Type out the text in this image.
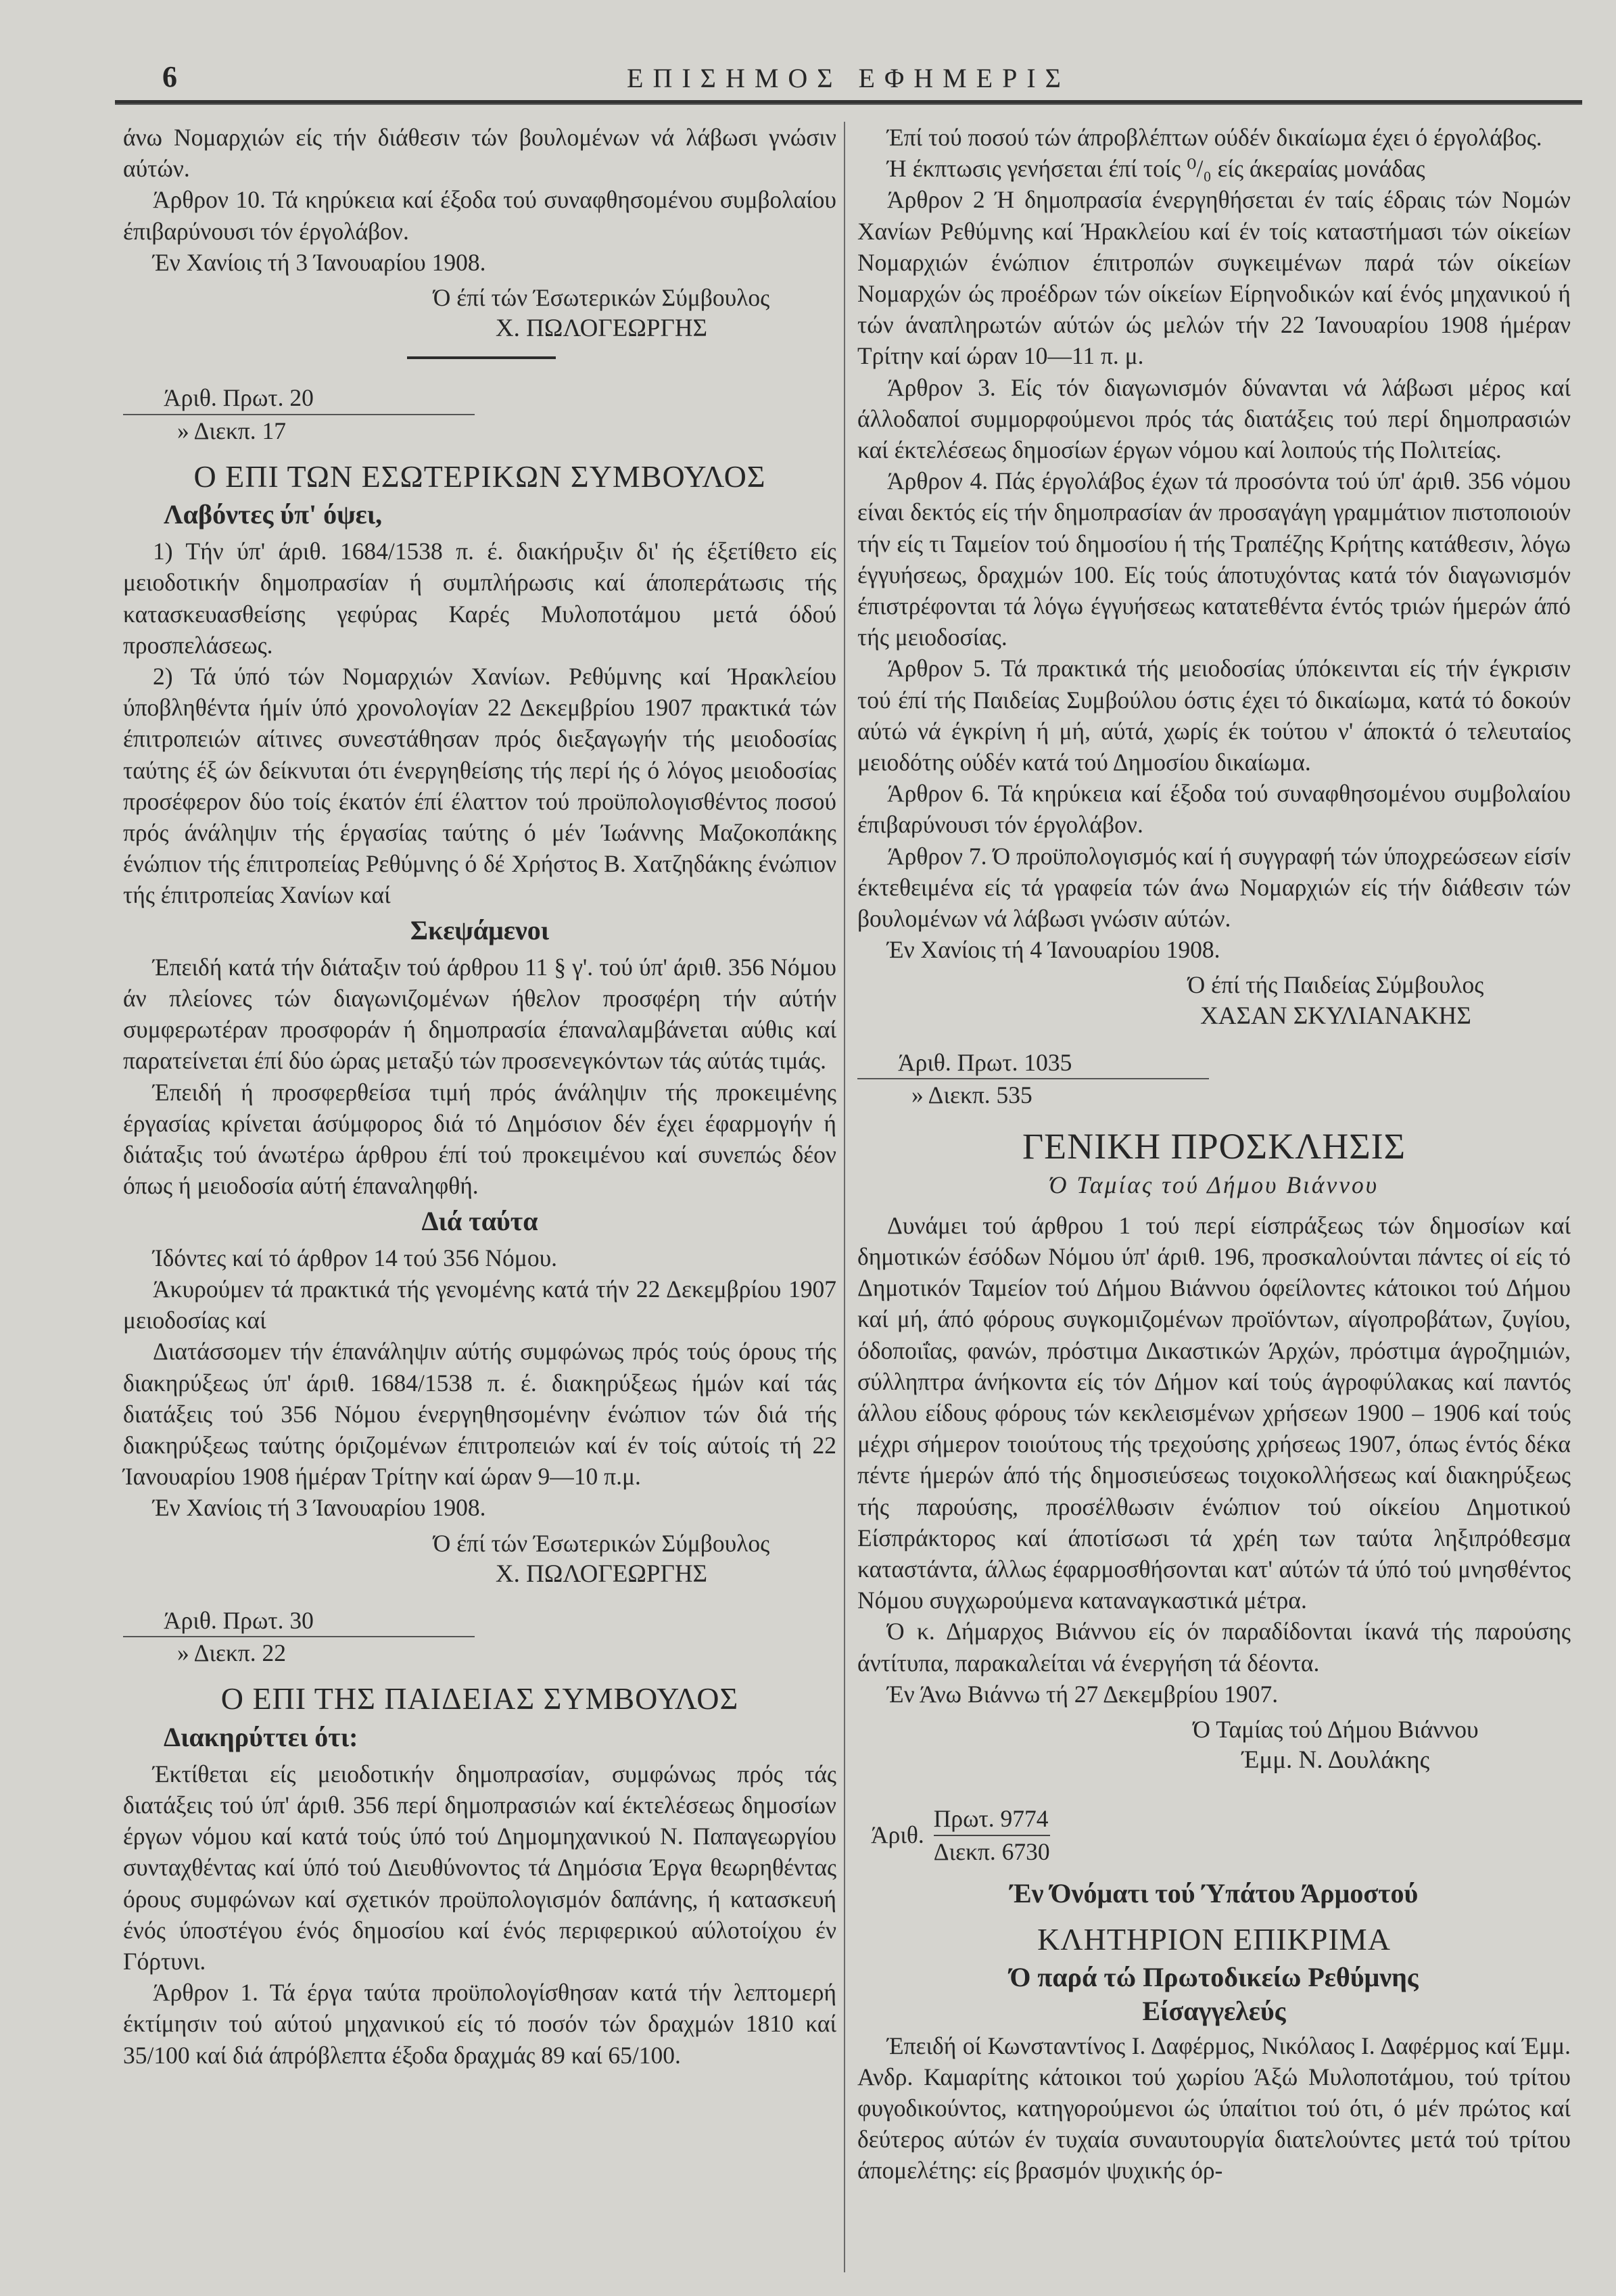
6	ΕΠΙΣΗΜΟΣ ΕΦΗΜΕΡΙΣ

άνω Νομαρχιών είς τήν διάθεσιν τών βουλομένων νά λάβωσι γνώσιν αύτών.

Άρθρον 10. Τά κηρύκεια καί έξοδα τού συναφθησομένου συμβολαίου έπιβαρύνουσι τόν έργολάβον.

Έν Χανίοις τή 3 Ίανουαρίου 1908.

Ό έπί τών Έσωτερικών Σύμβουλος
Χ. ΠΩΛΟΓΕΩΡΓΗΣ
Άριθ. Πρωτ. 20
» Διεκπ. 17
Ο ΕΠΙ ΤΩΝ ΕΣΩΤΕΡΙΚΩΝ ΣΥΜΒΟΥΛΟΣ
Λαβόντες ύπ' όψει,

1) Τήν ύπ' άριθ. 1684/1538 π. έ. διακήρυξιν δι' ής έξετίθετο είς μειοδοτικήν δημοπρασίαν ή συμπλήρωσις καί άποπεράτωσις τής κατασκευασθείσης γεφύρας Καρές Μυλοποτάμου μετά όδού προσπελάσεως.

2) Τά ύπό τών Νομαρχιών Χανίων. Ρεθύμνης καί Ήρακλείου ύποβληθέντα ήμίν ύπό χρονολογίαν 22 Δεκεμβρίου 1907 πρακτικά τών έπιτροπειών αίτινες συνεστάθησαν πρός διεξαγωγήν τής μειοδοσίας ταύτης έξ ών δείκνυται ότι ένεργηθείσης τής περί ής ό λόγος μειοδοσίας προσέφερον δύο τοίς έκατόν έπί έλαττον τού προϋπολογισθέντος ποσού πρός άνάληψιν τής έργασίας ταύτης ό μέν Ίωάννης Μαζοκοπάκης ένώπιον τής έπιτροπείας Ρεθύμνης ό δέ Χρήστος Β. Χατζηδάκης ένώπιον τής έπιτροπείας Χανίων καί

Σκεψάμενοι

Έπειδή κατά τήν διάταξιν τού άρθρου 11 § γ'. τού ύπ' άριθ. 356 Νόμου άν πλείονες τών διαγωνιζομένων ήθελον προσφέρη τήν αύτήν συμφερωτέραν προσφοράν ή δημοπρασία έπαναλαμβάνεται αύθις καί παρατείνεται έπί δύο ώρας μεταξύ τών προσενεγκόντων τάς αύτάς τιμάς.

Έπειδή ή προσφερθείσα τιμή πρός άνάληψιν τής προκειμένης έργασίας κρίνεται άσύμφορος διά τό Δημόσιον δέν έχει έφαρμογήν ή διάταξις τού άνωτέρω άρθρου έπί τού προκειμένου καί συνεπώς δέον όπως ή μειοδοσία αύτή έπαναληφθή.

Διά ταύτα

Ίδόντες καί τό άρθρον 14 τού 356 Νόμου.

Άκυρούμεν τά πρακτικά τής γενομένης κατά τήν 22 Δεκεμβρίου 1907 μειοδοσίας καί

Διατάσσομεν τήν έπανάληψιν αύτής συμφώνως πρός τούς όρους τής διακηρύξεως ύπ' άριθ. 1684/1538 π. έ. διακηρύξεως ήμών καί τάς διατάξεις τού 356 Νόμου ένεργηθησομένην ένώπιον τών διά τής διακηρύξεως ταύτης όριζομένων έπιτροπειών καί έν τοίς αύτοίς τή 22 Ίανουαρίου 1908 ήμέραν Τρίτην καί ώραν 9—10 π.μ.

Έν Χανίοις τή 3 Ίανουαρίου 1908.

Ό έπί τών Έσωτερικών Σύμβουλος
Χ. ΠΩΛΟΓΕΩΡΓΗΣ
Άριθ. Πρωτ. 30
» Διεκπ. 22
Ο ΕΠΙ ΤΗΣ ΠΑΙΔΕΙΑΣ ΣΥΜΒΟΥΛΟΣ
Διακηρύττει ότι:

Έκτίθεται είς μειοδοτικήν δημοπρασίαν, συμφώνως πρός τάς διατάξεις τού ύπ' άριθ. 356 περί δημοπρασιών καί έκτελέσεως δημοσίων έργων νόμου καί κατά τούς ύπό τού Δημομηχανικού Ν. Παπαγεωργίου συνταχθέντας καί ύπό τού Διευθύνοντος τά Δημόσια Έργα θεωρηθέντας όρους συμφώνων καί σχετικόν προϋπολογισμόν δαπάνης, ή κατασκευή ένός ύποστέγου ένός δημοσίου καί ένός περιφερικού αύλοτοίχου έν Γόρτυνι.

Άρθρον 1. Τά έργα ταύτα προϋπολογίσθησαν κατά τήν λεπτομερή έκτίμησιν τού αύτού μηχανικού είς τό ποσόν τών δραχμών 1810 καί 35/100 καί διά άπρόβλεπτα έξοδα δραχμάς 89 καί 65/100.

Έπί τού ποσού τών άπροβλέπτων ούδέν δικαίωμα έχει ό έργολάβος.

Ή έκπτωσις γενήσεται έπί τοίς ⁰/₀ είς άκεραίας μονάδας

Άρθρον 2 Ή δημοπρασία ένεργηθήσεται έν ταίς έδραις τών Νομών Χανίων Ρεθύμνης καί Ήρακλείου καί έν τοίς καταστήμασι τών οίκείων Νομαρχιών ένώπιον έπιτροπών συγκειμένων παρά τών οίκείων Νομαρχών ώς προέδρων τών οίκείων Είρηνοδικών καί ένός μηχανικού ή τών άναπληρωτών αύτών ώς μελών τήν 22 Ίανουαρίου 1908 ήμέραν Τρίτην καί ώραν 10—11 π. μ.

Άρθρον 3. Είς τόν διαγωνισμόν δύνανται νά λάβωσι μέρος καί άλλοδαποί συμμορφούμενοι πρός τάς διατάξεις τού περί δημοπρασιών καί έκτελέσεως δημοσίων έργων νόμου καί λοιπούς τής Πολιτείας.

Άρθρον 4. Πάς έργολάβος έχων τά προσόντα τού ύπ' άριθ. 356 νόμου είναι δεκτός είς τήν δημοπρασίαν άν προσαγάγη γραμμάτιον πιστοποιούν τήν είς τι Ταμείον τού δημοσίου ή τής Τραπέζης Κρήτης κατάθεσιν, λόγω έγγυήσεως, δραχμών 100. Είς τούς άποτυχόντας κατά τόν διαγωνισμόν έπιστρέφονται τά λόγω έγγυήσεως κατατεθέντα έντός τριών ήμερών άπό τής μειοδοσίας.

Άρθρον 5. Τά πρακτικά τής μειοδοσίας ύπόκεινται είς τήν έγκρισιν τού έπί τής Παιδείας Συμβούλου όστις έχει τό δικαίωμα, κατά τό δοκούν αύτώ νά έγκρίνη ή μή, αύτά, χωρίς έκ τούτου ν' άποκτά ό τελευταίος μειοδότης ούδέν κατά τού Δημοσίου δικαίωμα.

Άρθρον 6. Τά κηρύκεια καί έξοδα τού συναφθησομένου συμβολαίου έπιβαρύνουσι τόν έργολάβον.

Άρθρον 7. Ό προϋπολογισμός καί ή συγγραφή τών ύποχρεώσεων είσίν έκτεθειμένα είς τά γραφεία τών άνω Νομαρχιών είς τήν διάθεσιν τών βουλομένων νά λάβωσι γνώσιν αύτών.

Έν Χανίοις τή 4 Ίανουαρίου 1908.

Ό έπί τής Παιδείας Σύμβουλος
ΧΑΣΑΝ ΣΚΥΛΙΑΝΑΚΗΣ
Άριθ. Πρωτ. 1035
» Διεκπ. 535
ΓΕΝΙΚΗ ΠΡΟΣΚΛΗΣΙΣ
Ό Ταμίας τού Δήμου Βιάννου

Δυνάμει τού άρθρου 1 τού περί είσπράξεως τών δημοσίων καί δημοτικών έσόδων Νόμου ύπ' άριθ. 196, προσκαλούνται πάντες οί είς τό Δημοτικόν Ταμείον τού Δήμου Βιάννου όφείλοντες κάτοικοι τού Δήμου καί μή, άπό φόρους συγκομιζομένων προϊόντων, αίγοπροβάτων, ζυγίου, όδοποιΐας, φανών, πρόστιμα Δικαστικών Άρχών, πρόστιμα άγροζημιών, σύλληπτρα άνήκοντα είς τόν Δήμον καί τούς άγροφύλακας καί παντός άλλου είδους φόρους τών κεκλεισμένων χρήσεων 1900 – 1906 καί τούς μέχρι σήμερον τοιούτους τής τρεχούσης χρήσεως 1907, όπως έντός δέκα πέντε ήμερών άπό τής δημοσιεύσεως τοιχοκολλήσεως καί διακηρύξεως τής παρούσης, προσέλθωσιν ένώπιον τού οίκείου Δημοτικού Είσπράκτορος καί άποτίσωσι τά χρέη των ταύτα ληξιπρόθεσμα καταστάντα, άλλως έφαρμοσθήσονται κατ' αύτών τά ύπό τού μνησθέντος Νόμου συγχωρούμενα καταναγκαστικά μέτρα.

Ό κ. Δήμαρχος Βιάννου είς όν παραδίδονται ίκανά τής παρούσης άντίτυπα, παρακαλείται νά ένεργήση τά δέοντα.

Έν Άνω Βιάννω τή 27 Δεκεμβρίου 1907.

Ό Ταμίας τού Δήμου Βιάννου
Έμμ. Ν. Δουλάκης
Άριθ.
Πρωτ. 9774
Διεκπ. 6730
Έν Όνόματι τού Ύπάτου Άρμοστού
ΚΛΗΤΗΡΙΟΝ ΕΠΙΚΡΙΜΑ
Ό παρά τώ Πρωτοδικείω Ρεθύμνης
Είσαγγελεύς

Έπειδή οί Κωνσταντίνος Ι. Δαφέρμος, Νικόλαος Ι. Δαφέρμος καί Έμμ. Ανδρ. Καμαρίτης κάτοικοι τού χωρίου Άξώ Μυλοποτάμου, τού τρίτου φυγοδικούντος, κατηγορούμενοι ώς ύπαίτιοι τού ότι, ό μέν πρώτος καί δεύτερος αύτών έν τυχαία συναυτουργία διατελούντες μετά τού τρίτου άπομελέτης: είς βρασμόν ψυχικής όρ-
